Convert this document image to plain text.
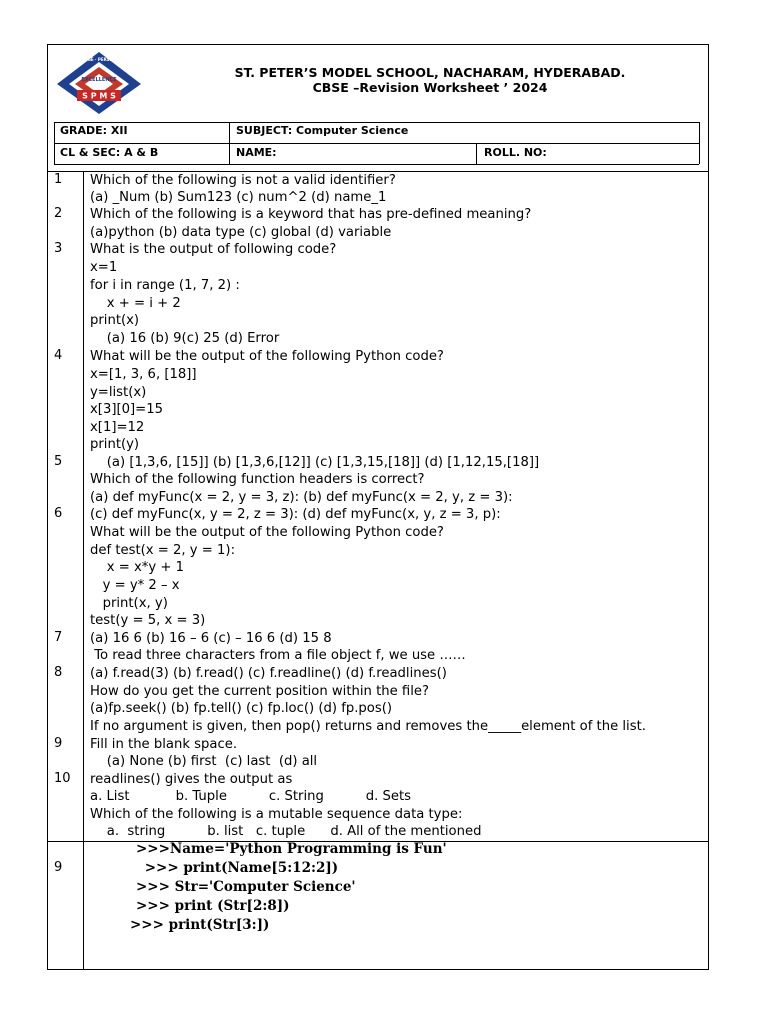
S P M S
EXCELLENCE
KNOWLEDGE · PERSEVERANCE
ST. PETER’S MODEL SCHOOL, NACHARAM, HYDERABAD.
CBSE –Revision Worksheet ’ 2024
GRADE: XII	SUBJECT: Computer Science
CL & SEC: A & B	NAME:	ROLL. NO:
1
2
3
4
5
6
7
8
9
10
Which of the following is not a valid identifier?
(a) _Num (b) Sum123 (c) num^2 (d) name_1
Which of the following is a keyword that has pre-defined meaning?
(a)python (b) data type (c) global (d) variable
What is the output of following code?
x=1
for i in range (1, 7, 2) :
x + = i + 2
print(x)
(a) 16 (b) 9(c) 25 (d) Error
What will be the output of the following Python code?
x=[1, 3, 6, [18]]
y=list(x)
x[3][0]=15
x[1]=12
print(y)
(a) [1,3,6, [15]] (b) [1,3,6,[12]] (c) [1,3,15,[18]] (d) [1,12,15,[18]]
Which of the following function headers is correct?
(a) def myFunc(x = 2, y = 3, z): (b) def myFunc(x = 2, y, z = 3):
(c) def myFunc(x, y = 2, z = 3): (d) def myFunc(x, y, z = 3, p):
What will be the output of the following Python code?
def test(x = 2, y = 1):
x = x*y + 1
y = y* 2 – x
print(x, y)
test(y = 5, x = 3)
(a) 16 6 (b) 16 – 6 (c) – 16 6 (d) 15 8
To read three characters from a file object f, we use ……
(a) f.read(3) (b) f.read() (c) f.readline() (d) f.readlines()
How do you get the current position within the file?
(a)fp.seek() (b) fp.tell() (c) fp.loc() (d) fp.pos()
If no argument is given, then pop() returns and removes the_____element of the list.
Fill in the blank space.
(a) None (b) first  (c) last  (d) all
readlines() gives the output as
a. List           b. Tuple          c. String          d. Sets
Which of the following is a mutable sequence data type:
a.  string          b. list   c. tuple      d. All of the mentioned
9
>>>Name='Python Programming is Fun'
>>> print(Name[5:12:2])
>>> Str='Computer Science'
>>> print (Str[2:8])
>>> print(Str[3:])
